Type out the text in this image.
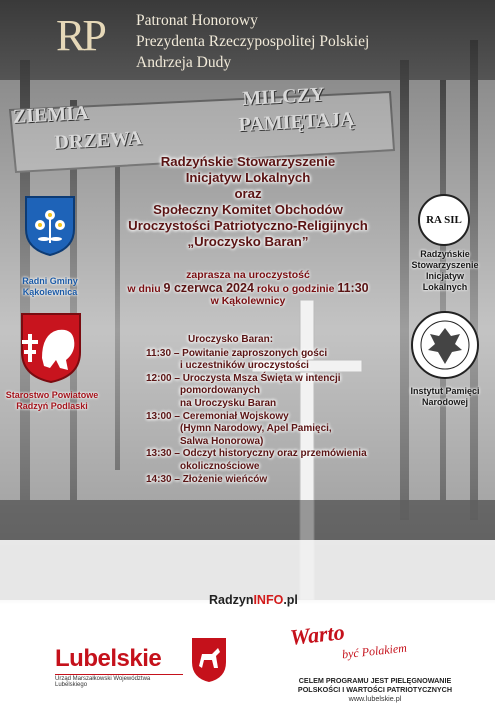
ZIEMIA
MILCZY
DRZEWA
PAMIĘTAJĄ
RP Patronat Honorowy
Prezydenta Rzeczypospolitej Polskiej
Andrzeja Dudy
Radzyńskie Stowarzyszenie
Inicjatyw Lokalnych
oraz
Społeczny Komitet Obchodów
Uroczystości Patriotyczno-Religijnych
„Uroczysko Baran”
zaprasza na uroczystość
w dniu 9 czerwca 2024 roku o godzinie 11:30
w Kąkolewnicy
Uroczysko Baran:
11:30 – Powitanie zaproszonych gości
i uczestników uroczystości
12:00 – Uroczysta Msza Święta w intencji
pomordowanych
na Uroczysku Baran
13:00 – Ceremoniał Wojskowy
(Hymn Narodowy, Apel Pamięci,
Salwa Honorowa)
13:30 – Odczyt historyczny oraz przemówienia
okolicznościowe
14:30 – Złożenie wieńców
Radni Gminy
Kąkolewnica
Starostwo Powiatowe
Radzyń Podlaski
RA SIL
Radzyńskie
Stowarzyszenie
Inicjatyw
Lokalnych
Instytut Pamięci
Narodowej
RadzynINFO.pl
Lubelskie
Urząd Marszałkowski Województwa Lubelskiego
Warto
być Polakiem
CELEM PROGRAMU JEST PIELĘGNOWANIE
POLSKOŚCI I WARTOŚCI PATRIOTYCZNYCH
www.lubelskie.pl
